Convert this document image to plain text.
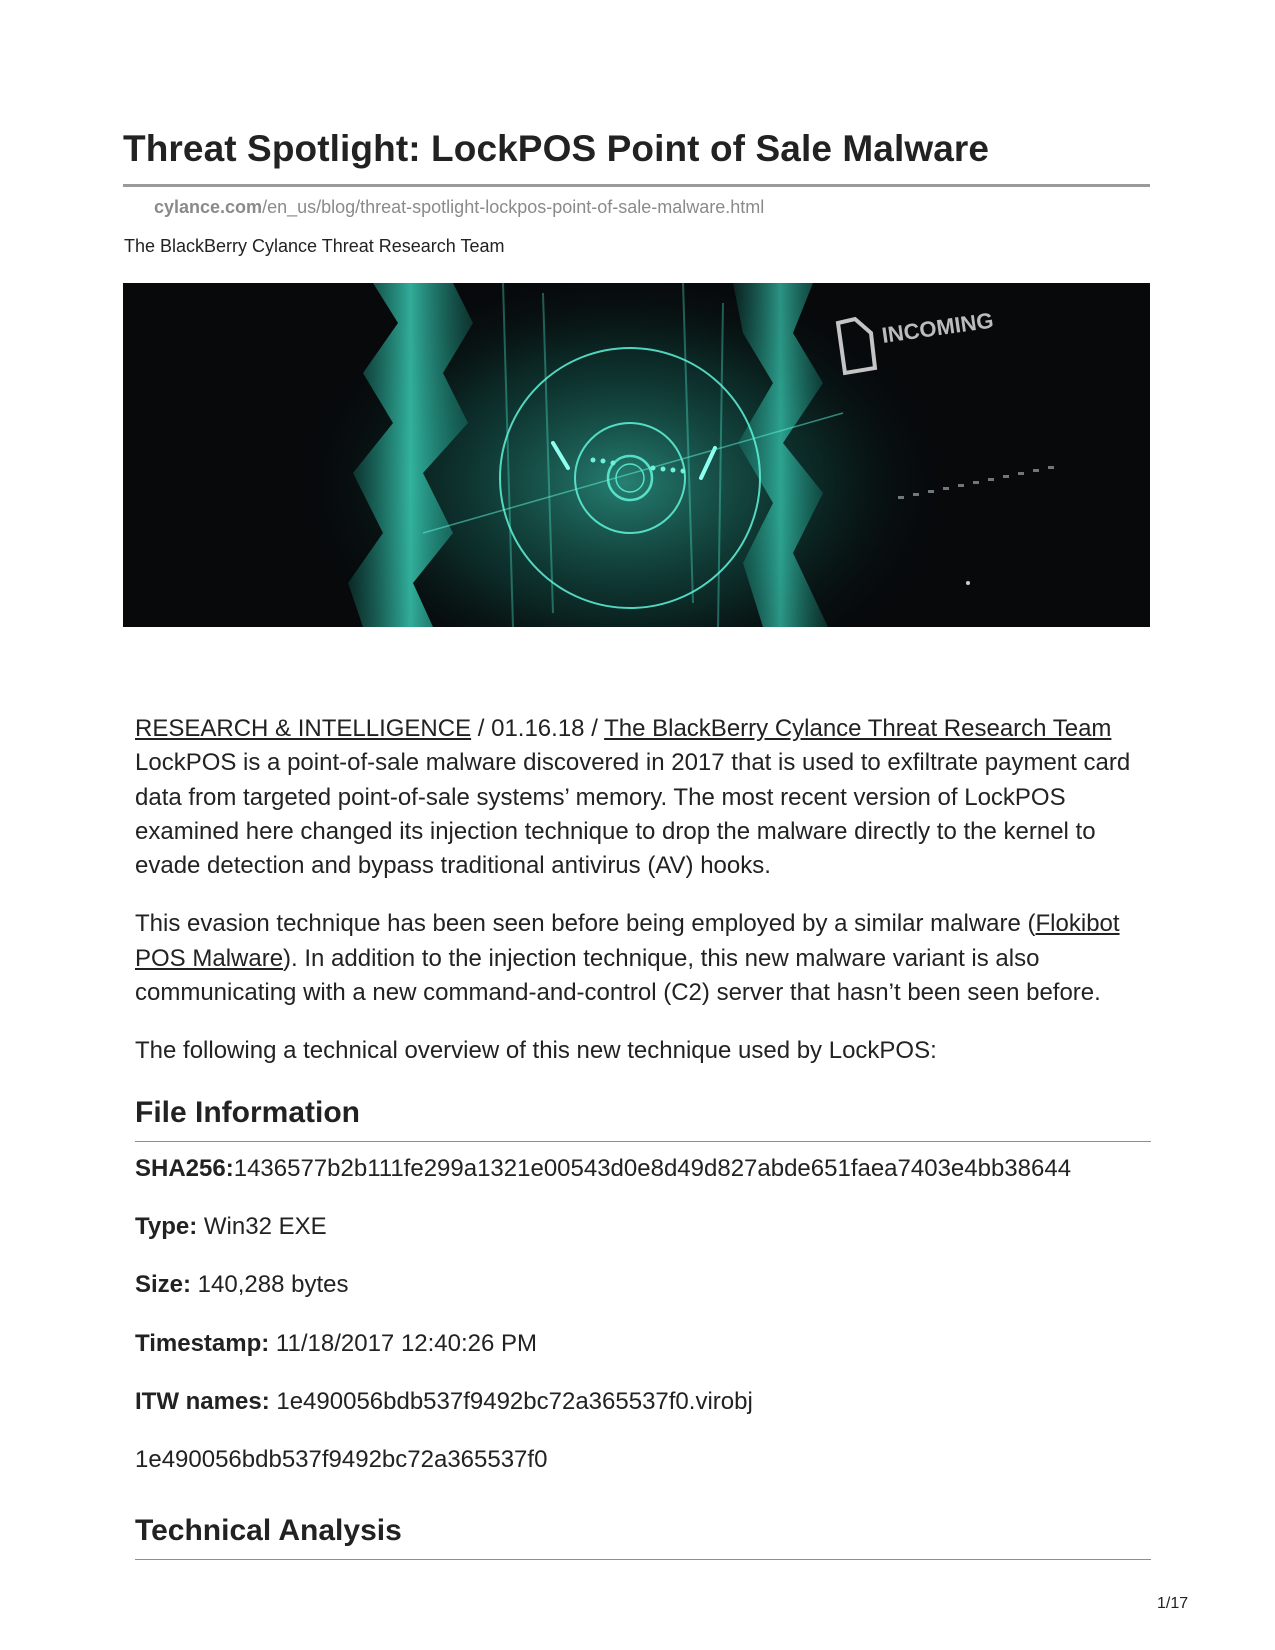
Threat Spotlight: LockPOS Point of Sale Malware
cylance.com/en_us/blog/threat-spotlight-lockpos-point-of-sale-malware.html
The BlackBerry Cylance Threat Research Team
INCOMING

RESEARCH & INTELLIGENCE / 01.16.18 / The BlackBerry Cylance Threat Research Team

LockPOS is a point-of-sale malware discovered in 2017 that is used to exfiltrate payment card data from targeted point-of-sale systems’ memory. The most recent version of LockPOS examined here changed its injection technique to drop the malware directly to the kernel to evade detection and bypass traditional antivirus (AV) hooks.

This evasion technique has been seen before being employed by a similar malware (Flokibot POS Malware). In addition to the injection technique, this new malware variant is also communicating with a new command-and-control (C2) server that hasn’t been seen before.

The following a technical overview of this new technique used by LockPOS:

File Information

SHA256:1436577b2b111fe299a1321e00543d0e8d49d827abde651faea7403e4bb38644

Type: Win32 EXE

Size: 140,288 bytes

Timestamp: 11/18/2017 12:40:26 PM

ITW names: 1e490056bdb537f9492bc72a365537f0.virobj

1e490056bdb537f9492bc72a365537f0

Technical Analysis
1/17
